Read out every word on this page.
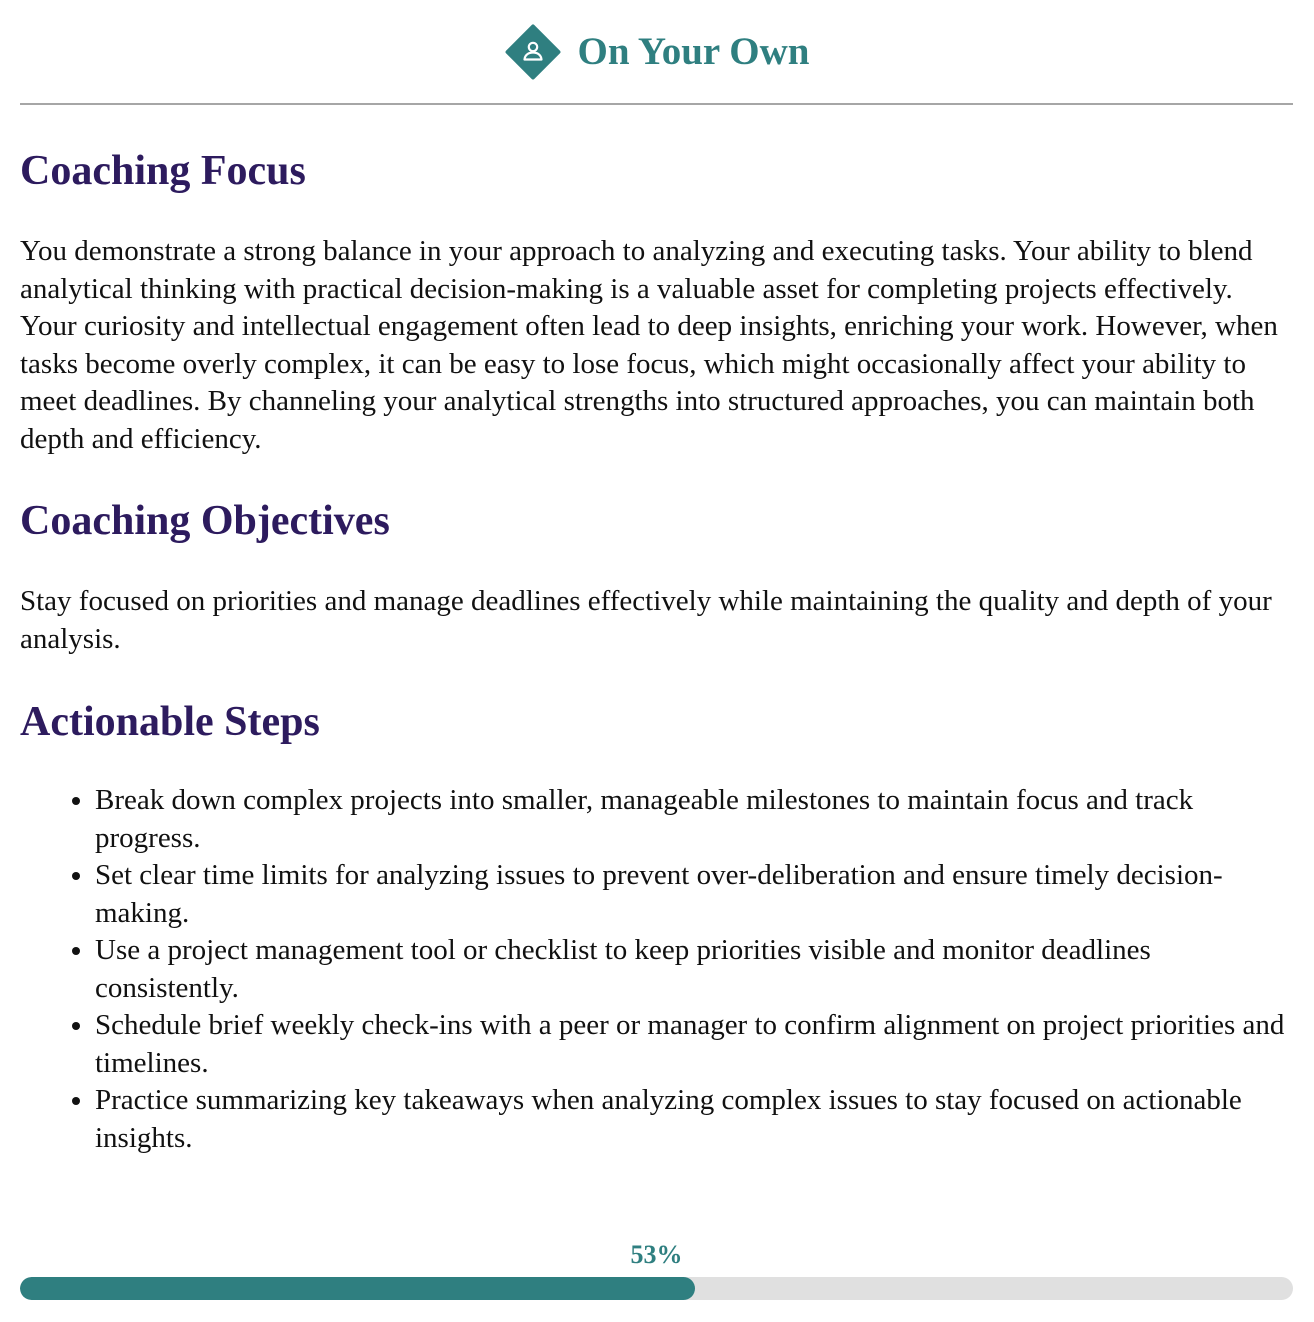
On Your Own
Coaching Focus

You demonstrate a strong balance in your approach to analyzing and executing tasks. Your ability to blend analytical thinking with practical decision-making is a valuable asset for completing projects effectively. Your curiosity and intellectual engagement often lead to deep insights, enriching your work. However, when tasks become overly complex, it can be easy to lose focus, which might occasionally affect your ability to meet deadlines. By channeling your analytical strengths into structured approaches, you can maintain both depth and efficiency.

Coaching Objectives

Stay focused on priorities and manage deadlines effectively while maintaining the quality and depth of your analysis.

Actionable Steps
• Break down complex projects into smaller, manageable milestones to maintain focus and track progress.
• Set clear time limits for analyzing issues to prevent over-deliberation and ensure timely decision-making.
• Use a project management tool or checklist to keep priorities visible and monitor deadlines consistently.
• Schedule brief weekly check-ins with a peer or manager to confirm alignment on project priorities and timelines.
• Practice summarizing key takeaways when analyzing complex issues to stay focused on actionable insights.
53%
